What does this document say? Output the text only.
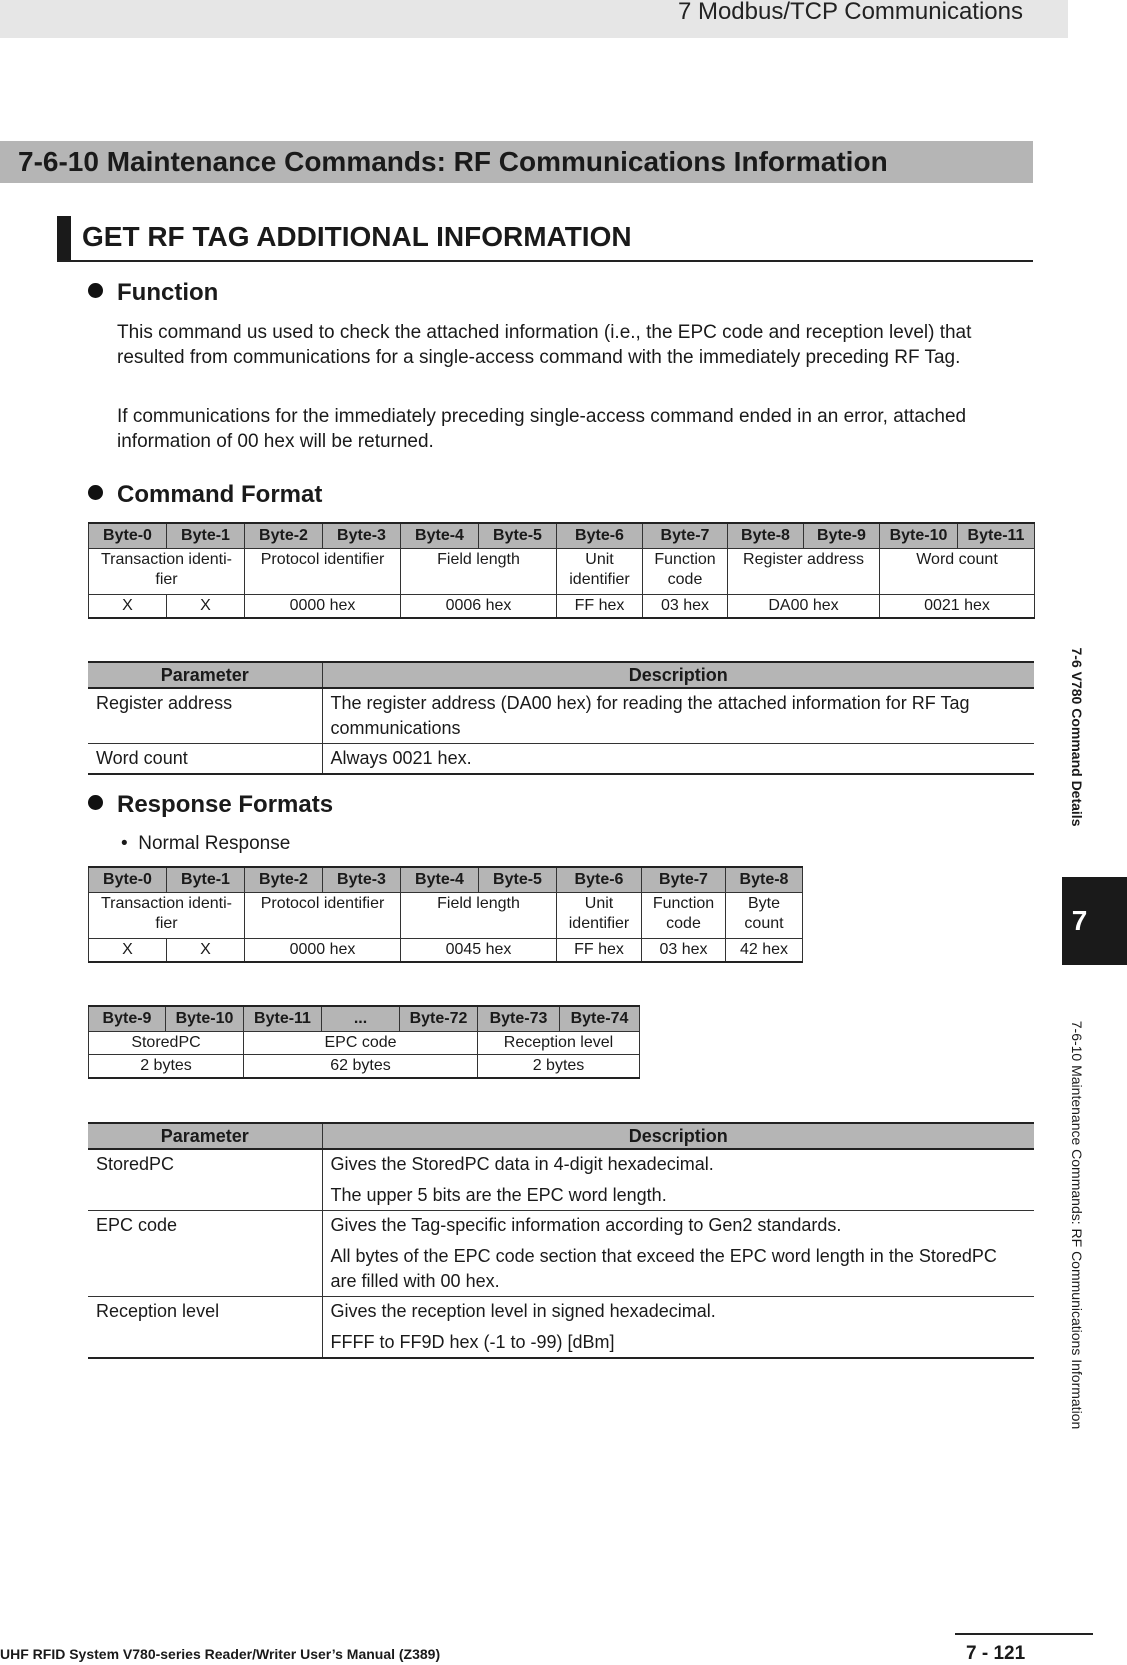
7 Modbus/TCP Communications
7-6-10 Maintenance Commands: RF Communications Information
GET RF TAG ADDITIONAL INFORMATION
Function
This command us used to check the attached information (i.e., the EPC code and reception level) that resulted from communications for a single-access command with the immediately preceding RF Tag.
If communications for the immediately preceding single-access command ended in an error, attached information of 00 hex will be returned.
Command Format
Byte-0	Byte-1	Byte-2	Byte-3	Byte-4	Byte-5	Byte-6	Byte-7	Byte-8	Byte-9	Byte-10	Byte-11
Transaction identi-fier		Protocol identifier		Field length		Unit identifier	Function code	Register address		Word count	
X	X	0000 hex		0006 hex		FF hex	03 hex	DA00 hex		0021 hex	
Parameter	Description
Register address	The register address (DA00 hex) for reading the attached information for RF Tag communications
Word count	Always 0021 hex.
Response Formats
• Normal Response
Byte-0	Byte-1	Byte-2	Byte-3	Byte-4	Byte-5	Byte-6	Byte-7	Byte-8
Transaction identi-fier		Protocol identifier		Field length		Unit identifier	Function code	Byte count
X	X	0000 hex		0045 hex		FF hex	03 hex	42 hex
Byte-9	Byte-10	Byte-11	...	Byte-72	Byte-73	Byte-74
StoredPC		EPC code			Reception level	
2 bytes		62 bytes			2 bytes	
Parameter	Description
StoredPC	Gives the StoredPC data in 4-digit hexadecimal.
The upper 5 bits are the EPC word length.

EPC code	Gives the Tag-specific information according to Gen2 standards.
All bytes of the EPC code section that exceed the EPC word length in the StoredPC are filled with 00 hex.

Reception level	Gives the reception level in signed hexadecimal.
FFFF to FF9D hex (-1 to -99) [dBm]
7-6 V780 Command Details
7
7-6-10 Maintenance Commands: RF Communications Information
UHF RFID System V780-series Reader/Writer User’s Manual (Z389)	7 - 121
